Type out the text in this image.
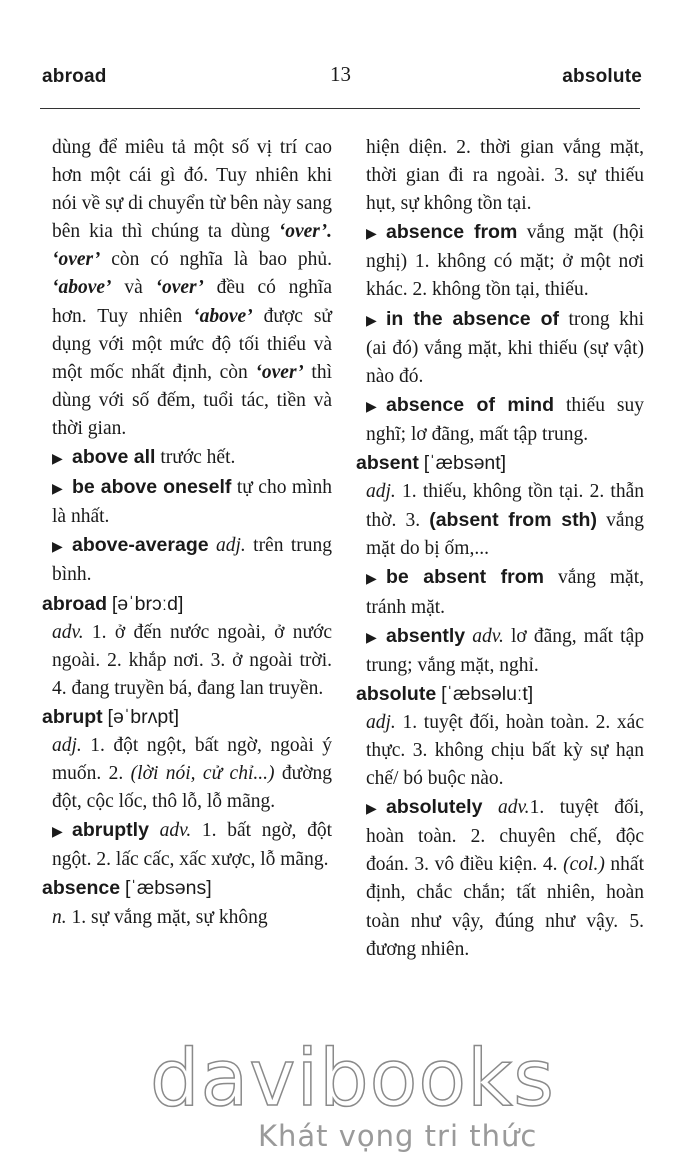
abroad	13	absolute

dùng để miêu tả một số vị trí cao hơn một cái gì đó. Tuy nhiên khi nói về sự di chuyển từ bên này sang bên kia thì chúng ta dùng ‘over’. ‘over’ còn có nghĩa là bao phủ. ‘above’ và ‘over’ đều có nghĩa hơn. Tuy nhiên ‘above’ được sử dụng với một mức độ tối thiểu và một mốc nhất định, còn ‘over’ thì dùng với số đếm, tuổi tác, tiền và thời gian.

▶ above all trước hết.

▶ be above oneself tự cho mình là nhất.

▶ above-average adj. trên trung bình.

abroad [əˈbrɔːd]

adv. 1. ở đến nước ngoài, ở nước ngoài. 2. khắp nơi. 3. ở ngoài trời. 4. đang truyền bá, đang lan truyền.

abrupt [əˈbrʌpt]

adj. 1. đột ngột, bất ngờ, ngoài ý muốn. 2. (lời nói, cử chỉ...) đường đột, cộc lốc, thô lỗ, lỗ mãng.

▶ abruptly adv. 1. bất ngờ, đột ngột. 2. lấc cấc, xấc xược, lỗ mãng.

absence [ˈæbsəns]

n. 1. sự vắng mặt, sự không

hiện diện. 2. thời gian vắng mặt, thời gian đi ra ngoài. 3. sự thiếu hụt, sự không tồn tại.

▶ absence from vắng mặt (hội nghị) 1. không có mặt; ở một nơi khác. 2. không tồn tại, thiếu.

▶ in the absence of trong khi (ai đó) vắng mặt, khi thiếu (sự vật) nào đó.

▶ absence of mind thiếu suy nghĩ; lơ đãng, mất tập trung.

absent [ˈæbsənt]

adj. 1. thiếu, không tồn tại. 2. thẫn thờ. 3. (absent from sth) vắng mặt do bị ốm,...

▶ be absent from vắng mặt, tránh mặt.

▶ absently adv. lơ đãng, mất tập trung; vắng mặt, nghỉ.

absolute [ˈæbsəluːt]

adj. 1. tuyệt đối, hoàn toàn. 2. xác thực. 3. không chịu bất kỳ sự hạn chế/ bó buộc nào.

▶ absolutely adv.1. tuyệt đối, hoàn toàn. 2. chuyên chế, độc đoán. 3. vô điều kiện. 4. (col.) nhất định, chắc chắn; tất nhiên, hoàn toàn như vậy, đúng như vậy. 5. đương nhiên.

davibooks
Khát vọng tri thức
